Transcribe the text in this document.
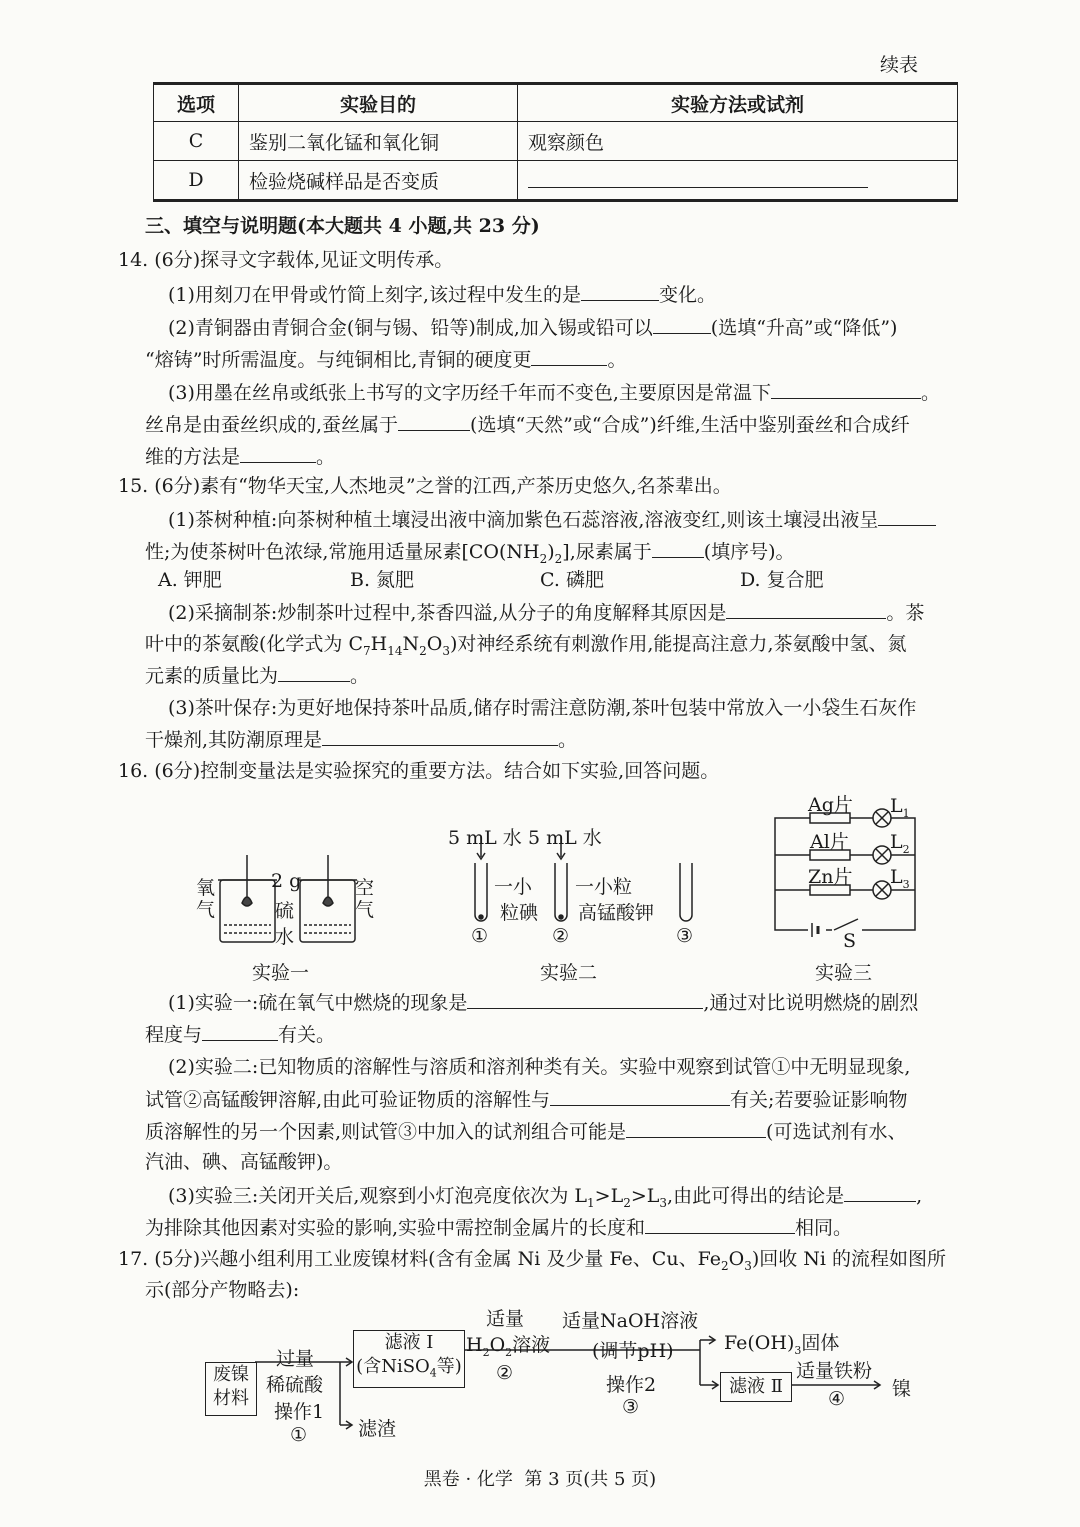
续表
选项	实验目的	实验方法或试剂
C	鉴别二氧化锰和氧化铜	观察颜色
D	检验烧碱样品是否变质	
三、填空与说明题(本大题共 4 小题,共 23 分)
14. (6分)探寻文字载体,见证文明传承。
(1)用刻刀在甲骨或竹简上刻字,该过程中发生的是	变化。
(2)青铜器由青铜合金(铜与锡、铅等)制成,加入锡或铅可以	(选填“升高”或“降低”)
“熔铸”时所需温度。与纯铜相比,青铜的硬度更	。
(3)用墨在丝帛或纸张上书写的文字历经千年而不变色,主要原因是常温下	。
丝帛是由蚕丝织成的,蚕丝属于	(选填“天然”或“合成”)纤维,生活中鉴别蚕丝和合成纤
维的方法是	。
15. (6分)素有“物华天宝,人杰地灵”之誉的江西,产茶历史悠久,名茶辈出。
(1)茶树种植:向茶树种植土壤浸出液中滴加紫色石蕊溶液,溶液变红,则该土壤浸出液呈
性;为使茶树叶色浓绿,常施用适量尿素$[CO(NH_2)_2]$,尿素属于	(填序号)。
A. 钾肥	B. 氮肥	C. 磷肥	D. 复合肥
(2)采摘制茶:炒制茶叶过程中,茶香四溢,从分子的角度解释其原因是	。茶
叶中的茶氨酸(化学式为 $C_7H_{14}N_2O_3$)对神经系统有刺激作用,能提高注意力,茶氨酸中氢、氮
元素的质量比为	。
(3)茶叶保存:为更好地保持茶叶品质,储存时需注意防潮,茶叶包装中常放入一小袋生石灰作
干燥剂,其防潮原理是	。
16. (6分)控制变量法是实验探究的重要方法。结合如下实验,回答问题。
氧气
空气
2 g
硫
水
实验一
5 mL 水 5 mL 水
一小
粒碘
一小粒
高锰酸钾
①	②	③
实验二
Ag片
Al片
Zn片
$L_1$
$L_2$
$L_3$
S
实验三
(1)实验一:硫在氧气中燃烧的现象是	,通过对比说明燃烧的剧烈
程度与	有关。
(2)实验二:已知物质的溶解性与溶质和溶剂种类有关。实验中观察到试管①中无明显现象,
试管②高锰酸钾溶解,由此可验证物质的溶解性与	有关;若要验证影响物
质溶解性的另一个因素,则试管③中加入的试剂组合可能是	(可选试剂有水、
汽油、碘、高锰酸钾)。
(3)实验三:关闭开关后,观察到小灯泡亮度依次为 $L_1>L_2>L_3$,由此可得出的结论是	,
为排除其他因素对实验的影响,实验中需控制金属片的长度和	相同。
17. (5分)兴趣小组利用工业废镍材料(含有金属 Ni 及少量 Fe、Cu、$Fe_2O_3$)回收 Ni 的流程如图所
示(部分产物略去):
废镍
材料
过量
稀硫酸
操作1
①	滤渣
滤液 Ⅰ
(含NiSO$_4$等)
适量
$H_2O_2$溶液
②
适量NaOH溶液
(调节pH)
操作2
③
$Fe(OH)_3$固体
滤液 Ⅱ
适量铁粉
④ 镍
黑卷 · 化学  第 3 页(共 5 页)
